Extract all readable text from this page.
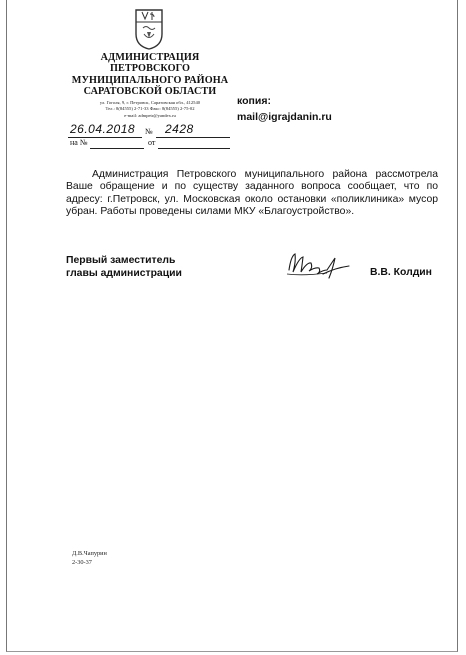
АДМИНИСТРАЦИЯ
ПЕТРОВСКОГО
МУНИЦИПАЛЬНОГО РАЙОНА
САРАТОВСКОЙ ОБЛАСТИ
ул. Гоголя, 9, г. Петровск, Саратовская обл., 412540
Тел.: 8(84555) 2-71-33 Факс: 8(84555) 2-75-02
e-mail: admpetr@yandex.ru
копия:
mail@igrajdanin.ru
26.04.2018 № 2428
на №	от

Администрация Петровского муниципального района рассмотрела Ваше обращение и по существу заданного вопроса сообщает, что по адресу: г.Петровск, ул. Московская около остановки «поликлиника» мусор убран. Работы проведены силами МКУ «Благоустройство».

Первый заместитель
главы администрации	В.В. Колдин
Д.В.Чапурин
2-30-37
